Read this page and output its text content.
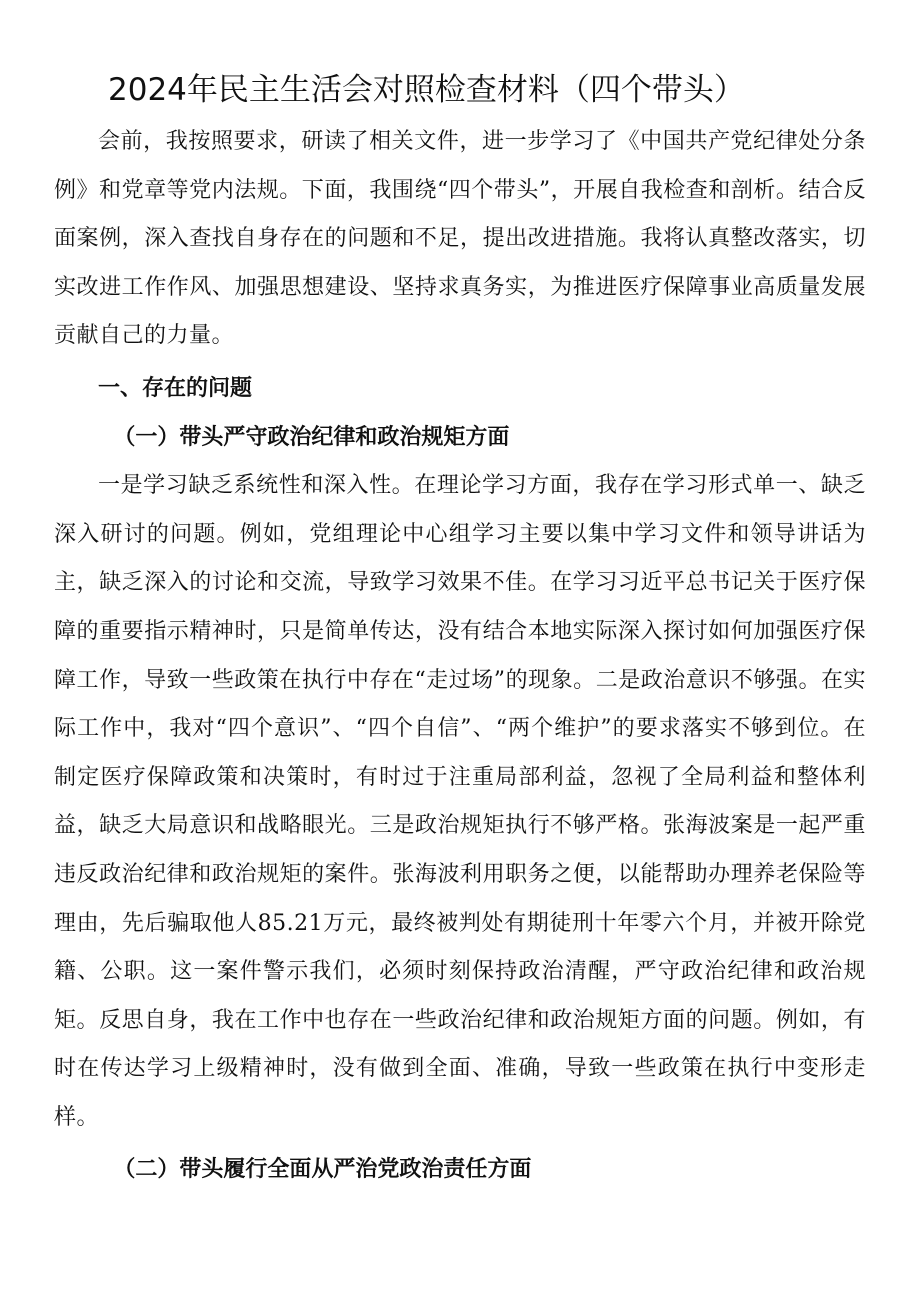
2024年民主生活会对照检查材料（四个带头）

会前，我按照要求，研读了相关文件，进一步学习了《中国共产党纪律处分条例》和党章等党内法规。下面，我围绕“四个带头”，开展自我检查和剖析。结合反面案例，深入查找自身存在的问题和不足，提出改进措施。我将认真整改落实，切实改进工作作风、加强思想建设、坚持求真务实，为推进医疗保障事业高质量发展贡献自己的力量。

一、存在的问题

（一）带头严守政治纪律和政治规矩方面

一是学习缺乏系统性和深入性。在理论学习方面，我存在学习形式单一、缺乏深入研讨的问题。例如，党组理论中心组学习主要以集中学习文件和领导讲话为主，缺乏深入的讨论和交流，导致学习效果不佳。在学习习近平总书记关于医疗保障的重要指示精神时，只是简单传达，没有结合本地实际深入探讨如何加强医疗保障工作，导致一些政策在执行中存在“走过场”的现象。二是政治意识不够强。在实际工作中，我对“四个意识”、“四个自信”、“两个维护”的要求落实不够到位。在制定医疗保障政策和决策时，有时过于注重局部利益，忽视了全局利益和整体利益，缺乏大局意识和战略眼光。三是政治规矩执行不够严格。张海波案是一起严重违反政治纪律和政治规矩的案件。张海波利用职务之便，以能帮助办理养老保险等理由，先后骗取他人85.21万元，最终被判处有期徒刑十年零六个月，并被开除党籍、公职。这一案件警示我们，必须时刻保持政治清醒，严守政治纪律和政治规矩。反思自身，我在工作中也存在一些政治纪律和政治规矩方面的问题。例如，有时在传达学习上级精神时，没有做到全面、准确，导致一些政策在执行中变形走样。

（二）带头履行全面从严治党政治责任方面
